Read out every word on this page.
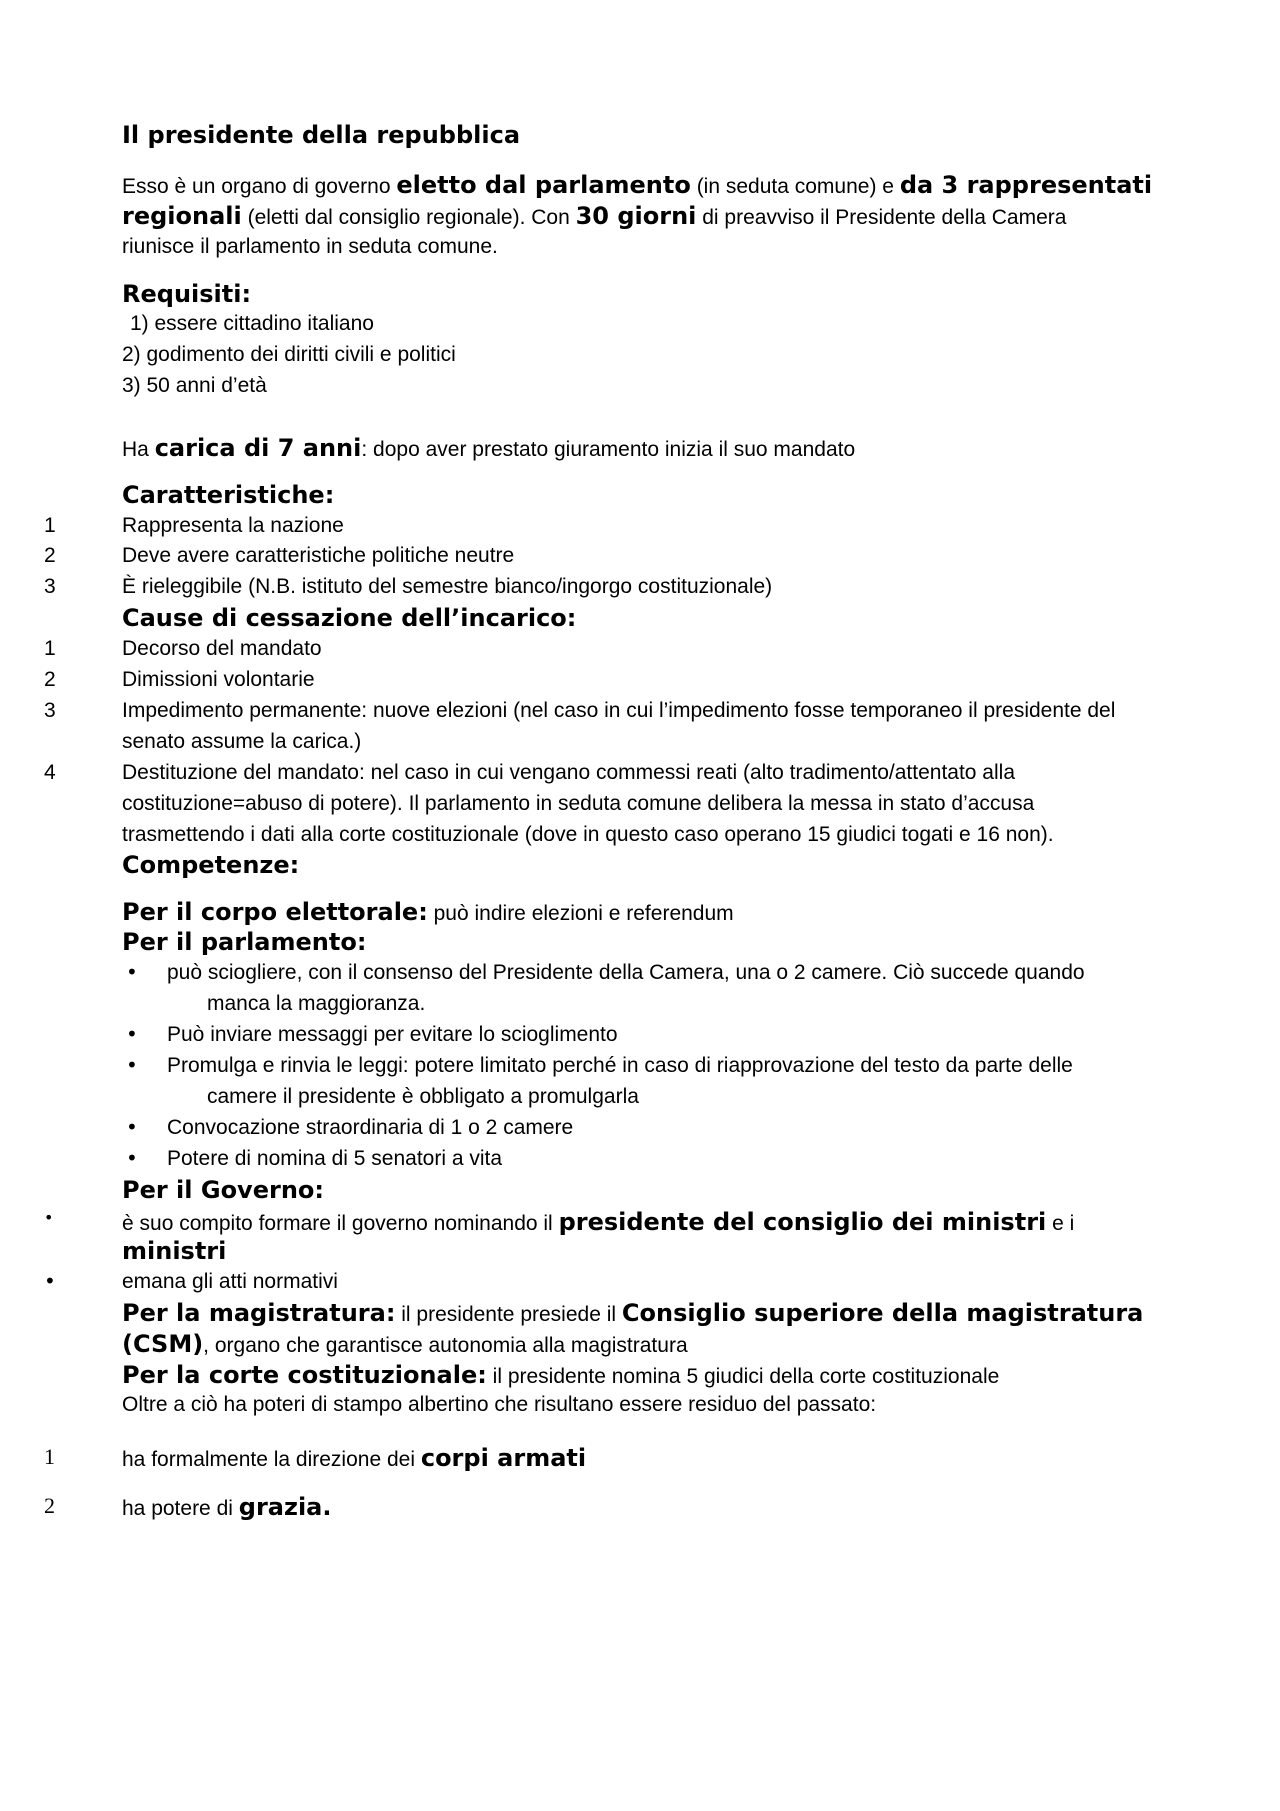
Il presidente della repubblica
Esso è un organo di governo eletto dal parlamento (in seduta comune) e da 3 rappresentati
regionali (eletti dal consiglio regionale). Con 30 giorni di preavviso il Presidente della Camera
riunisce il parlamento in seduta comune.
Requisiti:
1) essere cittadino italiano
2) godimento dei diritti civili e politici
3) 50 anni d’età
Ha carica di 7 anni: dopo aver prestato giuramento inizia il suo mandato
Caratteristiche:
1	Rappresenta la nazione
2	Deve avere caratteristiche politiche neutre
3	È rieleggibile (N.B. istituto del semestre bianco/ingorgo costituzionale)
Cause di cessazione dell’incarico:
1	Decorso del mandato
2	Dimissioni volontarie
3	Impedimento permanente: nuove elezioni (nel caso in cui l’impedimento fosse temporaneo il presidente del
senato assume la carica.)
4	Destituzione del mandato: nel caso in cui vengano commessi reati (alto tradimento/attentato alla
costituzione=abuso di potere). Il parlamento in seduta comune delibera la messa in stato d’accusa
trasmettendo i dati alla corte costituzionale (dove in questo caso operano 15 giudici togati e 16 non).
Competenze:
Per il corpo elettorale: può indire elezioni e referendum
Per il parlamento:
• può sciogliere, con il consenso del Presidente della Camera, una o 2 camere. Ciò succede quando
manca la maggioranza.
• Può inviare messaggi per evitare lo scioglimento
• Promulga e rinvia le leggi: potere limitato perché in caso di riapprovazione del testo da parte delle
camere il presidente è obbligato a promulgarla
• Convocazione straordinaria di 1 o 2 camere
• Potere di nomina di 5 senatori a vita
Per il Governo:
•	è suo compito formare il governo nominando il presidente del consiglio dei ministri e i
ministri
•	emana gli atti normativi
Per la magistratura: il presidente presiede il Consiglio superiore della magistratura
(CSM), organo che garantisce autonomia alla magistratura
Per la corte costituzionale: il presidente nomina 5 giudici della corte costituzionale
Oltre a ciò ha poteri di stampo albertino che risultano essere residuo del passato:
1	ha formalmente la direzione dei corpi armati
2	ha potere di grazia.
